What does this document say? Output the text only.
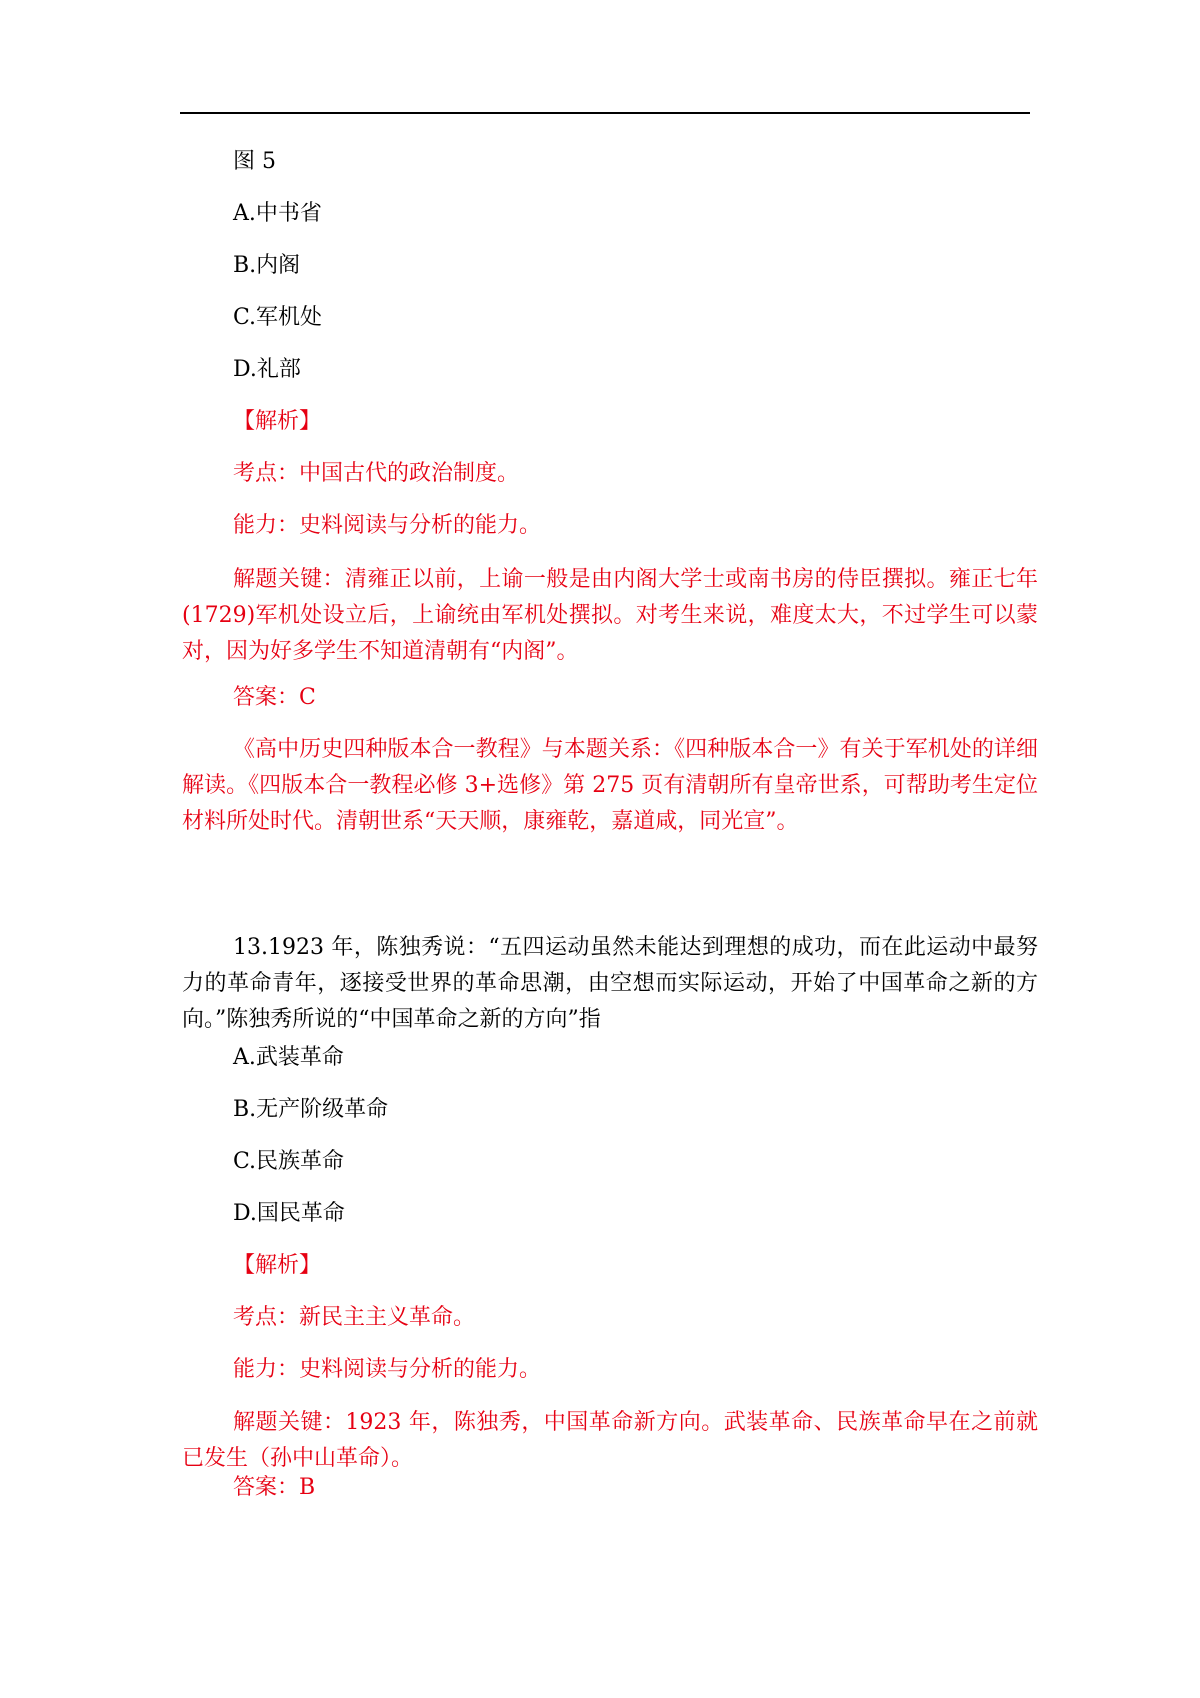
图 5
A.中书省
B.内阁
C.军机处
D.礼部
【解析】
考点：中国古代的政治制度。
能力：史料阅读与分析的能力。
解题关键：清雍正以前，上谕一般是由内阁大学士或南书房的侍臣撰拟。雍正七年(1729)军机处设立后，上谕统由军机处撰拟。对考生来说，难度太大，不过学生可以蒙对，因为好多学生不知道清朝有“内阁”。
答案：C
《高中历史四种版本合一教程》与本题关系：《四种版本合一》有关于军机处的详细解读。《四版本合一教程必修 3+选修》第 275 页有清朝所有皇帝世系，可帮助考生定位材料所处时代。清朝世系“天天顺，康雍乾，嘉道咸，同光宣”。
13.1923 年，陈独秀说：“五四运动虽然未能达到理想的成功，而在此运动中最努力的革命青年，逐接受世界的革命思潮，由空想而实际运动，开始了中国革命之新的方向。”陈独秀所说的“中国革命之新的方向”指
A.武装革命
B.无产阶级革命
C.民族革命
D.国民革命
【解析】
考点：新民主主义革命。
能力：史料阅读与分析的能力。
解题关键：1923 年，陈独秀，中国革命新方向。武装革命、民族革命早在之前就已发生（孙中山革命）。
答案：B
